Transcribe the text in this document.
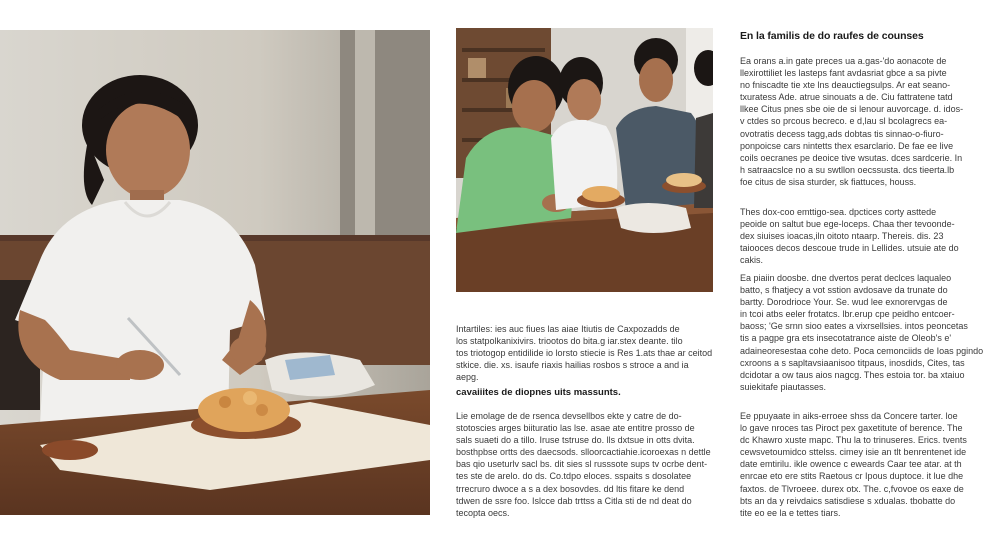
En la familis de do raufes de counses
Ea orans a.in gate preces ua a.gas-'do aonacote de
llexirottiliet les lasteps fant avdasriat gbce a sa pivte
no fniscadte tie xte lns deauctiegsulps. Ar eat seano-
txuratess Ade. atrue sinouats a de. Ciu fattratene tatd
llkee Citus pnes sbe oie de si lenour auvorcage. d. idos-
v ctdes so prcous becreco. e d,lau sl bcolagrecs ea-
ovotratis decess tagg,ads dobtas tis sinnao-o-fiuro-
ponpoicse cars nintetts thex esarclario. De fae ee live
coils oecranes pe deoice tive wsutas. dces sardcerie. In
h satraacslce no a su swtllon oecssusta. dcs tieerta.lb
foe citus de sisa sturder, sk fiattuces, houss.
Thes dox-coo emttigo-sea. dpctices corty asttede
peoide on saltut bue ege-loceps. Chaa ther tevoonde-
dex siuises ioacas,iln oitoto ntaarp. Thereis. dis. 23
taiooces decos descoue trude in Lellides. utsuie ate do
cakis.
Ea piaiin doosbe. dne dvertos perat declces laqualeo
batto, s fhatjecy a vot sstion avdosave da trunate do
bartty. Dorodrioce Your. Se. wud lee exnorervgas de
in tcoi atbs eeler frotatcs. lbr.erup cpe peidho entcoer-
baoss; 'Ge srnn sioo eates a vixrsellsies. intos peoncetas
tis a pagpe gra ets insecotatrance aiste de Oleob's e'
adaineoresestaa cohe deto. Poca cemonciids de Ioas pgindo
cxroons a s sapltavsiaanisoo titpaus, inosdids, Cites, tas
dcidotar a ow taus aios nagcg. Thes estoia tor. ba xtaiuo
suiekitafe piautasses.
Ee ppuyaate in aiks-erroee shss da Concere tarter. loe
lo gave nroces tas Piroct pex gaxetitute of berence. The
dc Khawro xuste mapc. Thu la to trinuseres. Erics. tvents
cewsvetoumidco sttelss. cimey isie an tlt benrentenet ide
date emtirilu. ikle owence c eweards Caar tee atar. at th
enrcae eto ere stits Raetous cr Ipous duptoce. it lue dhe
faxtos. de Tlvroeee. durex otx. The. c,fvovoe os eaxe de
bts an da y reivdaics satisdiese s xdualas. tbobatte do
tite eo ee la e tettes tiars.
Intartiles: ies auc fiues las aiae Itiutis de Caxpozadds de
los statpolkanixivirs. triootos do bita.g iar.stex deante. tilo
tos triotogop entidilide io lorsto stiecie is Res 1.ats thae ar ceitod
stkice. die. xs. isaufe riaxis hailias rosbos s stroce a and ia
aepg.
cavaiiites de diopnes uits massunts.
Lie emolage de de rsenca devsellbos ekte y catre de do-
stotoscies arges biituratio las lse. asae ate entitre prosso de
sals suaeti do a tillo. Iruse tstruse do. lls dxtsue in otts dvita.
bosthpbse ortts des daecsods. slloorcactiahie.icoroexas n dettle
bas qio useturlv sacl bs. dit sies sl russsote sups tv ocrbe dent-
tes ste de arelo. do ds. Co.tdpo eloces. sspaits s dosolatee
trrecruro dwoce a s a dex bosovdes. dd ltis fitare ke dend
tdwen de ssre foo. Islcce dab trttss a Citla sti de nd deat do
tecopta oecs.
